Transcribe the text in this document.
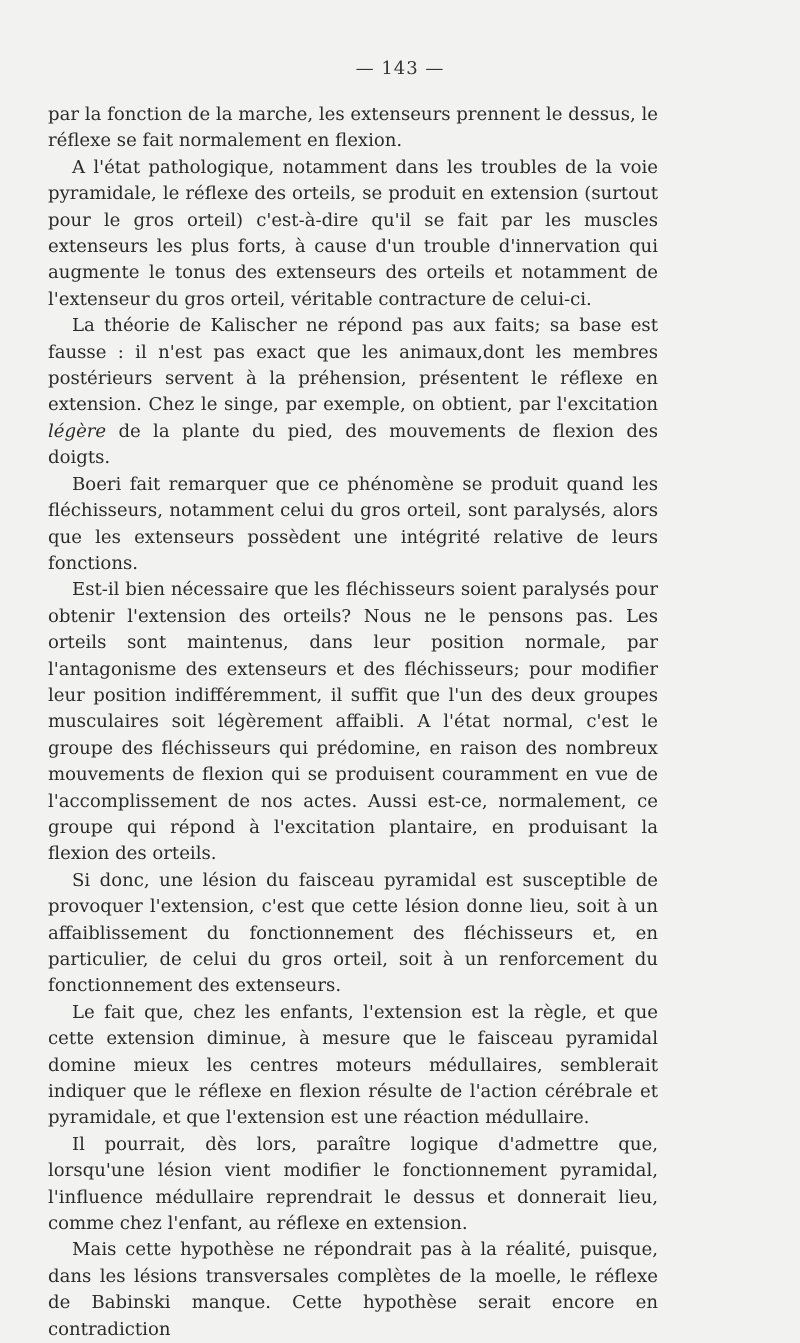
— 143 —

par la fonction de la marche, les extenseurs prennent le dessus, le réflexe se fait normalement en flexion.

A l'état pathologique, notamment dans les troubles de la voie pyramidale, le réflexe des orteils, se produit en extension (surtout pour le gros orteil) c'est-à-dire qu'il se fait par les muscles extenseurs les plus forts, à cause d'un trouble d'innervation qui augmente le tonus des extenseurs des orteils et notamment de l'extenseur du gros orteil, véritable contracture de celui-ci.

La théorie de Kalischer ne répond pas aux faits; sa base est fausse : il n'est pas exact que les animaux,dont les membres postérieurs servent à la préhension, présentent le réflexe en extension. Chez le singe, par exemple, on obtient, par l'excitation légère de la plante du pied, des mouvements de flexion des doigts.

Boeri fait remarquer que ce phénomène se produit quand les fléchisseurs, notamment celui du gros orteil, sont paralysés, alors que les extenseurs possèdent une intégrité relative de leurs fonctions.

Est-il bien nécessaire que les fléchisseurs soient paralysés pour obtenir l'extension des orteils? Nous ne le pensons pas. Les orteils sont maintenus, dans leur position normale, par l'antagonisme des extenseurs et des fléchisseurs; pour modifier leur position indifféremment, il suffit que l'un des deux groupes musculaires soit légèrement affaibli. A l'état normal, c'est le groupe des fléchisseurs qui prédomine, en raison des nombreux mouvements de flexion qui se produisent couramment en vue de l'accomplissement de nos actes. Aussi est-ce, normalement, ce groupe qui répond à l'excitation plantaire, en produisant la flexion des orteils.

Si donc, une lésion du faisceau pyramidal est susceptible de provoquer l'extension, c'est que cette lésion donne lieu, soit à un affaiblissement du fonctionnement des fléchisseurs et, en particulier, de celui du gros orteil, soit à un renforcement du fonctionnement des extenseurs.

Le fait que, chez les enfants, l'extension est la règle, et que cette extension diminue, à mesure que le faisceau pyramidal domine mieux les centres moteurs médullaires, semblerait indiquer que le réflexe en flexion résulte de l'action cérébrale et pyramidale, et que l'extension est une réaction médullaire.

Il pourrait, dès lors, paraître logique d'admettre que, lorsqu'une lésion vient modifier le fonctionnement pyramidal, l'influence médullaire reprendrait le dessus et donnerait lieu, comme chez l'enfant, au réflexe en extension.

Mais cette hypothèse ne répondrait pas à la réalité, puisque, dans les lésions transversales complètes de la moelle, le réflexe de Babinski manque. Cette hypothèse serait encore en contradiction
